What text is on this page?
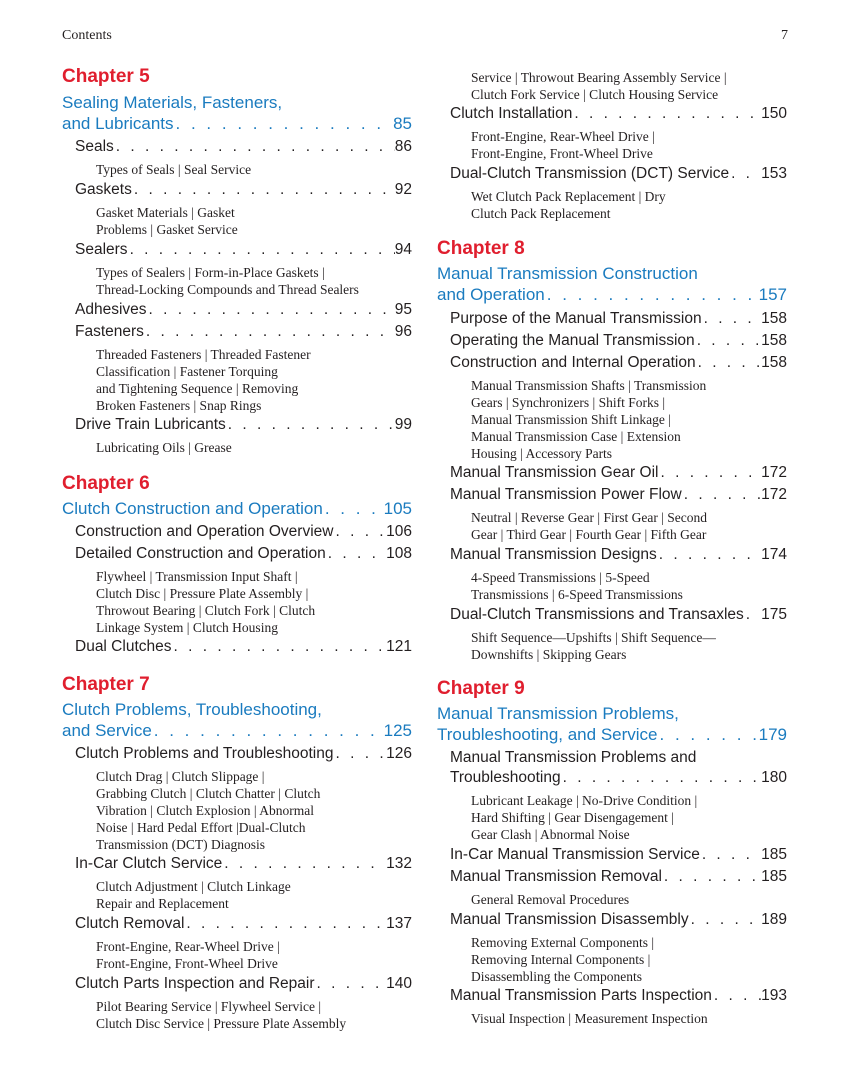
Contents	7
Chapter 5
Sealing Materials, Fasteners,
and Lubricants . . .	85
Seals . . .	86
Types of Seals | Seal Service
Gaskets . . .	92
Gasket Materials | Gasket
Problems | Gasket Service
Sealers . . .	94
Types of Sealers | Form-in-Place Gaskets |
Thread-Locking Compounds and Thread Sealers
Adhesives . . .	95
Fasteners . . .	96
Threaded Fasteners | Threaded Fastener
Classification | Fastener Torquing
and Tightening Sequence | Removing
Broken Fasteners | Snap Rings
Drive Train Lubricants . . .	99
Lubricating Oils | Grease
Chapter 6
Clutch Construction and Operation . . .	105
Construction and Operation Overview . . .	106
Detailed Construction and Operation . . .	108
Flywheel | Transmission Input Shaft |
Clutch Disc | Pressure Plate Assembly |
Throwout Bearing | Clutch Fork | Clutch
Linkage System | Clutch Housing
Dual Clutches . . .	121
Chapter 7
Clutch Problems, Troubleshooting,
and Service . . .	125
Clutch Problems and Troubleshooting . . .	126
Clutch Drag | Clutch Slippage |
Grabbing Clutch | Clutch Chatter | Clutch
Vibration | Clutch Explosion | Abnormal
Noise | Hard Pedal Effort |Dual-Clutch
Transmission (DCT) Diagnosis
In-Car Clutch Service . . .	132
Clutch Adjustment | Clutch Linkage
Repair and Replacement
Clutch Removal . . .	137
Front-Engine, Rear-Wheel Drive |
Front-Engine, Front-Wheel Drive
Clutch Parts Inspection and Repair . . .	140
Pilot Bearing Service | Flywheel Service |
Clutch Disc Service | Pressure Plate Assembly
Service | Throwout Bearing Assembly Service |
Clutch Fork Service | Clutch Housing Service
Clutch Installation . . .	150
Front-Engine, Rear-Wheel Drive |
Front-Engine, Front-Wheel Drive
Dual-Clutch Transmission (DCT) Service . . . 153
Wet Clutch Pack Replacement | Dry
Clutch Pack Replacement
Chapter 8
Manual Transmission Construction
and Operation . . .	157
Purpose of the Manual Transmission . . .	158
Operating the Manual Transmission . . .	158
Construction and Internal Operation . . .	158
Manual Transmission Shafts | Transmission
Gears | Synchronizers | Shift Forks |
Manual Transmission Shift Linkage |
Manual Transmission Case | Extension
Housing | Accessory Parts
Manual Transmission Gear Oil . . .	172
Manual Transmission Power Flow . . .	172
Neutral | Reverse Gear | First Gear | Second
Gear | Third Gear | Fourth Gear | Fifth Gear
Manual Transmission Designs . . .	174
4-Speed Transmissions | 5-Speed
Transmissions | 6-Speed Transmissions
Dual-Clutch Transmissions and Transaxles . . . 175
Shift Sequence—Upshifts | Shift Sequence—
Downshifts | Skipping Gears
Chapter 9
Manual Transmission Problems,
Troubleshooting, and Service . . .	179
Manual Transmission Problems and
Troubleshooting . . .	180
Lubricant Leakage | No-Drive Condition |
Hard Shifting | Gear Disengagement |
Gear Clash | Abnormal Noise
In-Car Manual Transmission Service . . .	185
Manual Transmission Removal . . .	185
General Removal Procedures
Manual Transmission Disassembly . . .	189
Removing External Components |
Removing Internal Components |
Disassembling the Components
Manual Transmission Parts Inspection . . .	193
Visual Inspection | Measurement Inspection
